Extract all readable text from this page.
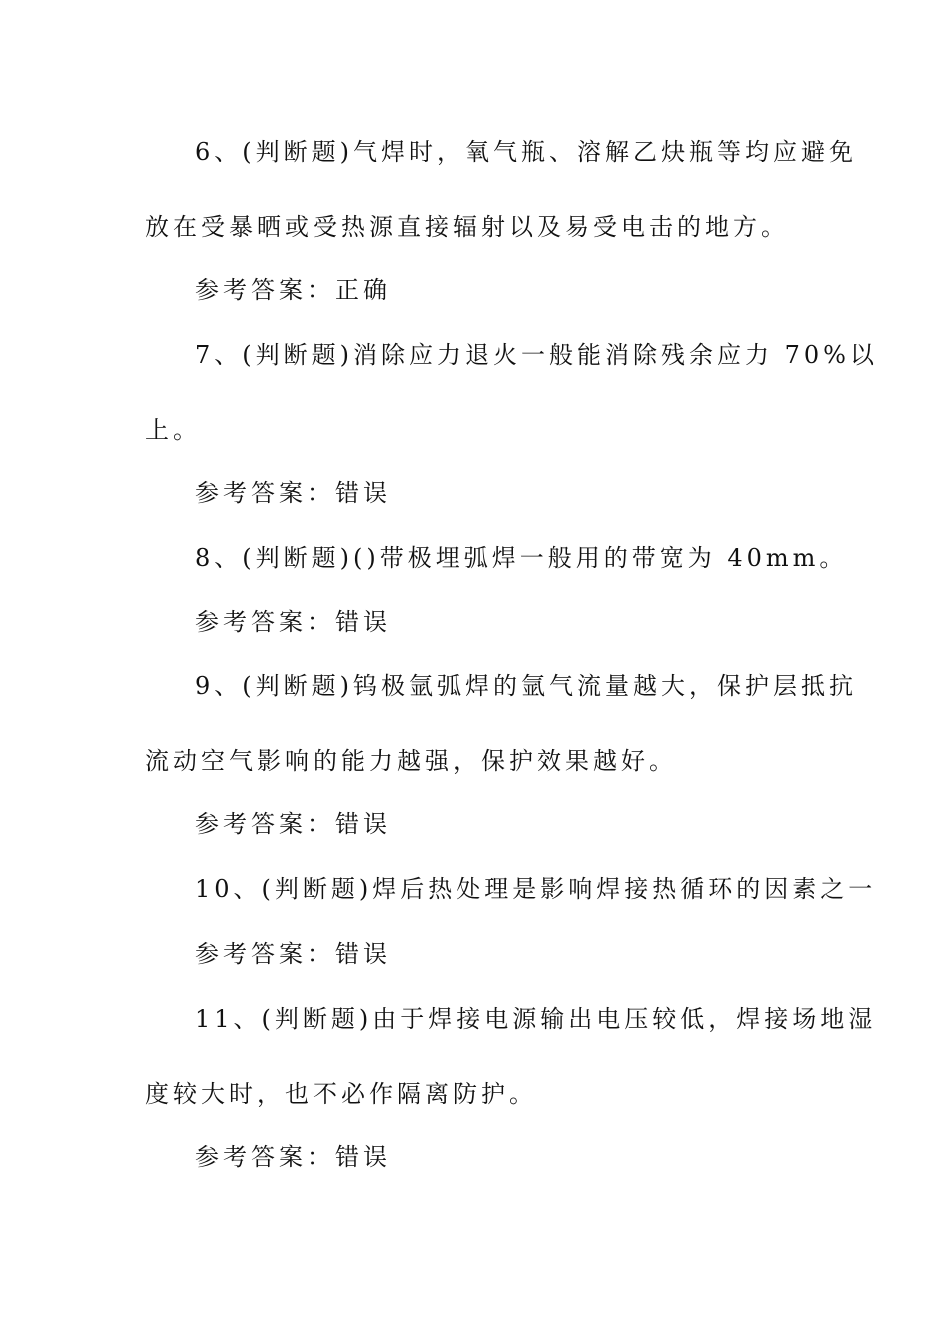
6、(判断题)气焊时，氧气瓶、溶解乙炔瓶等均应避免
放在受暴晒或受热源直接辐射以及易受电击的地方。
参考答案：正确
7、(判断题)消除应力退火一般能消除残余应力 70%以
上。
参考答案：错误
8、(判断题)()带极埋弧焊一般用的带宽为 40mm。
参考答案：错误
9、(判断题)钨极氩弧焊的氩气流量越大，保护层抵抗
流动空气影响的能力越强，保护效果越好。
参考答案：错误
10、(判断题)焊后热处理是影响焊接热循环的因素之一
参考答案：错误
11、(判断题)由于焊接电源输出电压较低，焊接场地湿
度较大时，也不必作隔离防护。
参考答案：错误
